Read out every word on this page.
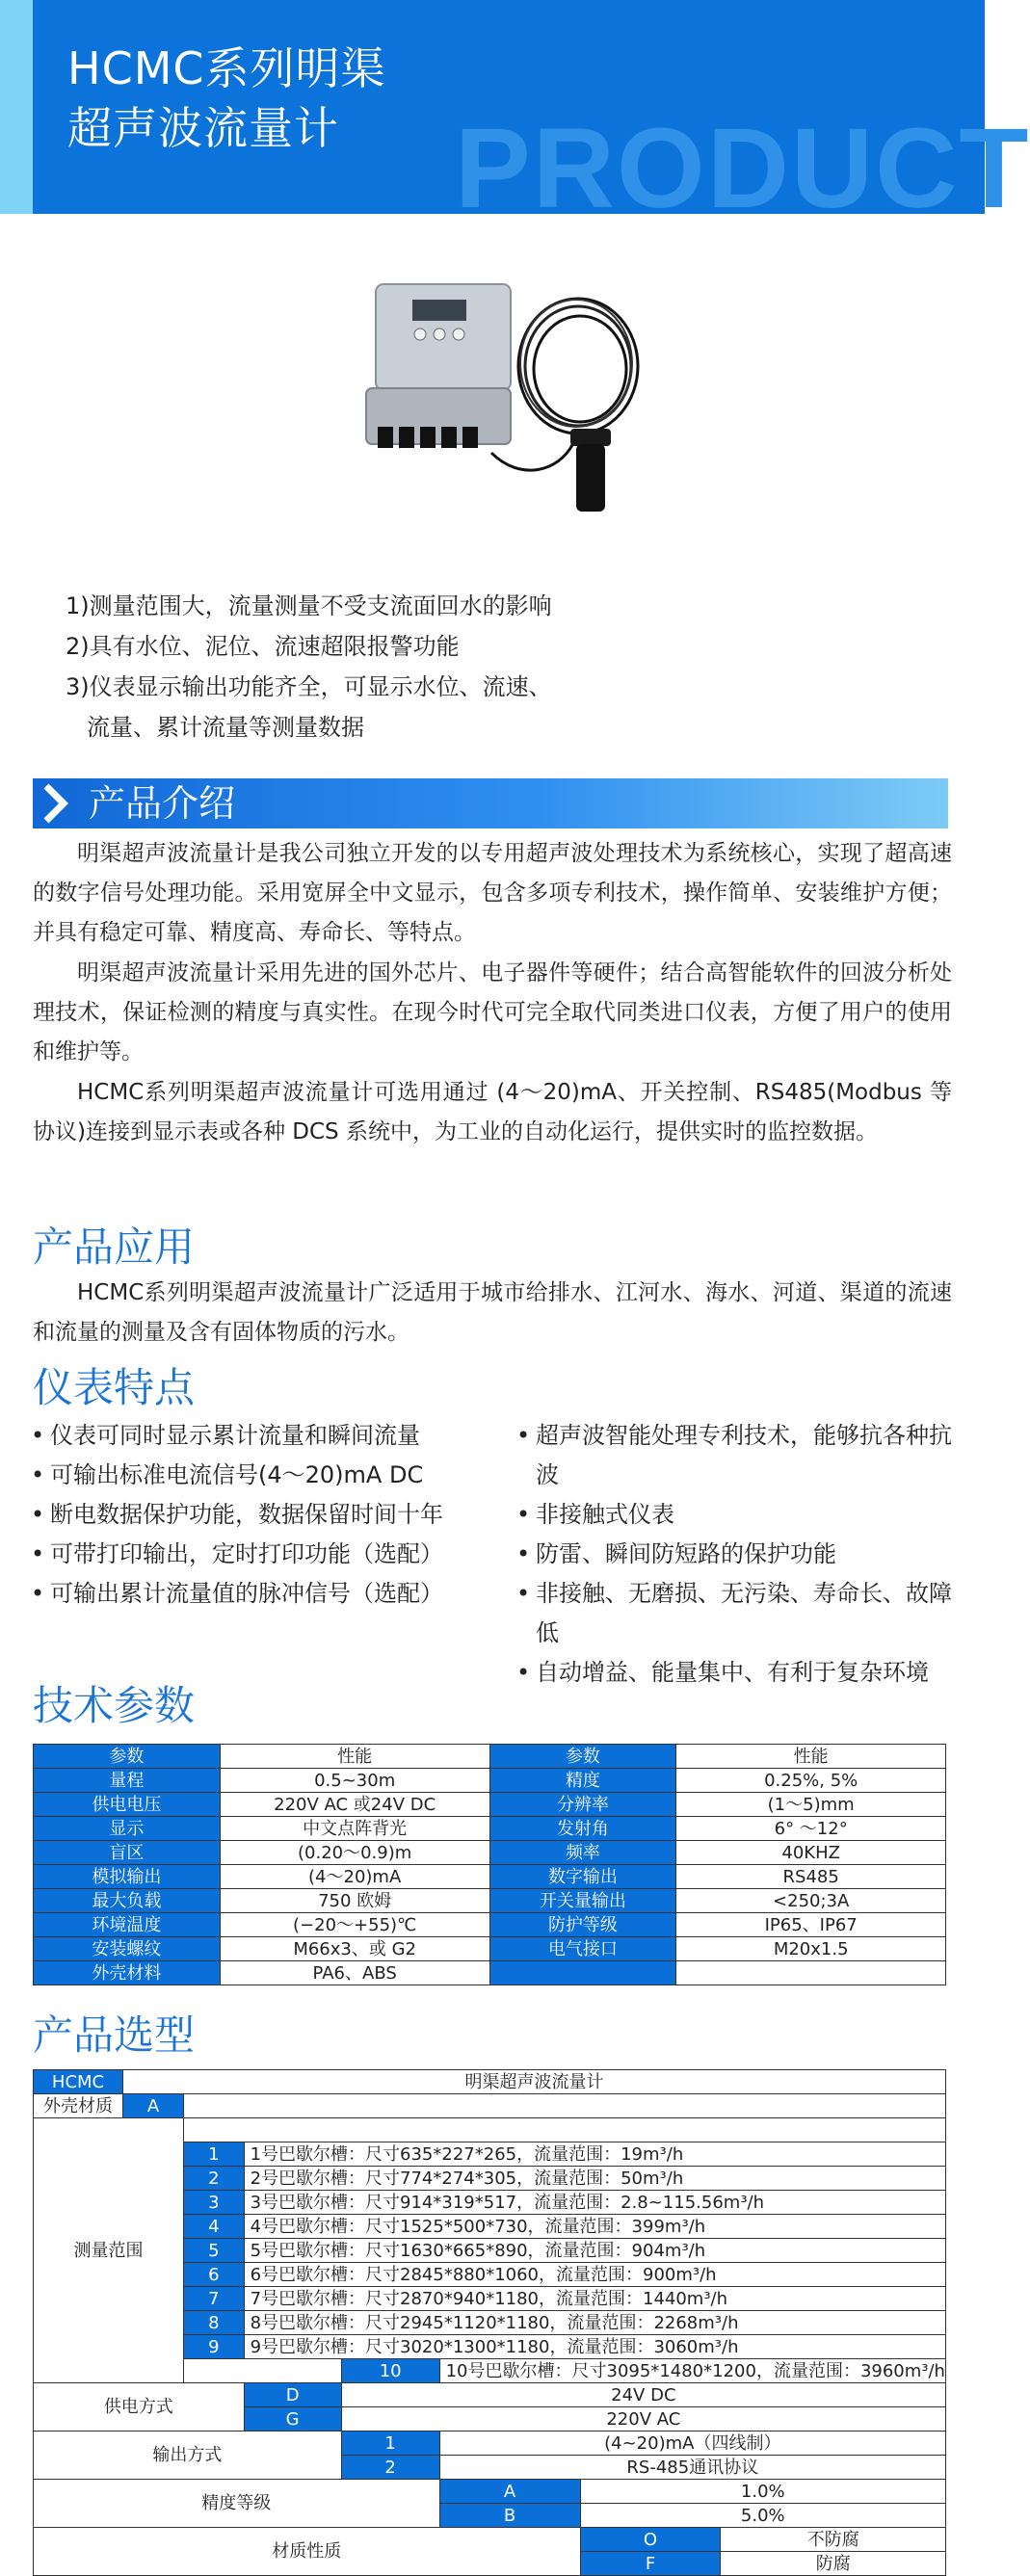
PRODUCT
HCMC系列明渠
超声波流量计
1)测量范围大，流量测量不受支流面回水的影响
2)具有水位、泥位、流速超限报警功能
3)仪表显示输出功能齐全，可显示水位、流速、
流量、累计流量等测量数据
产品介绍
明渠超声波流量计是我公司独立开发的以专用超声波处理技术为系统核心，实现了超高速的数字信号处理功能。采用宽屏全中文显示，包含多项专利技术，操作简单、安装维护方便；并具有稳定可靠、精度高、寿命长、等特点。
明渠超声波流量计采用先进的国外芯片、电子器件等硬件；结合高智能软件的回波分析处理技术，保证检测的精度与真实性。在现今时代可完全取代同类进口仪表，方便了用户的使用和维护等。
HCMC系列明渠超声波流量计可选用通过 (4～20)mA、开关控制、RS485(Modbus 等协议)连接到显示表或各种 DCS 系统中，为工业的自动化运行，提供实时的监控数据。
产品应用
HCMC系列明渠超声波流量计广泛适用于城市给排水、江河水、海水、河道、渠道的流速和流量的测量及含有固体物质的污水。
仪表特点
• 仪表可同时显示累计流量和瞬间流量
• 可输出标准电流信号(4～20)mA DC
• 断电数据保护功能，数据保留时间十年
• 可带打印输出，定时打印功能（选配）
• 可输出累计流量值的脉冲信号（选配）
• 超声波智能处理专利技术，能够抗各种抗波
• 非接触式仪表
• 防雷、瞬间防短路的保护功能
• 非接触、无磨损、无污染、寿命长、故障低
• 自动增益、能量集中、有利于复杂环境
技术参数
参数	性能	参数	性能
量程	0.5~30m	精度	0.25%, 5%
供电电压	220V AC 或24V DC	分辨率	(1～5)mm
显示	中文点阵背光	发射角	6° ～12°
盲区	(0.20～0.9)m	频率	40KHZ
模拟输出	(4～20)mA	数字输出	RS485
最大负载	750 欧姆	开关量输出	<250;3A
环境温度	(−20～+55)℃	防护等级	IP65、IP67
安装螺纹	M66x3、或 G2	电气接口	M20x1.5
外壳材料	PA6、ABS		
产品选型
HCMC	明渠超声波流量计						
外壳材质	A						
测量范围							
		1	1号巴歇尔槽：尺寸635*227*265，流量范围：19m³/h				
		2	2号巴歇尔槽：尺寸774*274*305，流量范围：50m³/h				
		3	3号巴歇尔槽：尺寸914*319*517，流量范围：2.8~115.56m³/h				
		4	4号巴歇尔槽：尺寸1525*500*730，流量范围：399m³/h				
		5	5号巴歇尔槽：尺寸1630*665*890，流量范围：904m³/h				
		6	6号巴歇尔槽：尺寸2845*880*1060，流量范围：900m³/h				
		7	7号巴歇尔槽：尺寸2870*940*1180，流量范围：1440m³/h				
		8	8号巴歇尔槽：尺寸2945*1120*1180，流量范围：2268m³/h				
		9	9号巴歇尔槽：尺寸3020*1300*1180，流量范围：3060m³/h				
				10	10号巴歇尔槽：尺寸3095*1480*1200，流量范围：3960m³/h		
供电方式			D	24V DC			
			G	220V AC			
输出方式				1	(4~20)mA（四线制）		
				2	RS-485通讯协议		
精度等级					A	1.0%	
					B	5.0%	
材质性质						O	不防腐
						F	防腐
